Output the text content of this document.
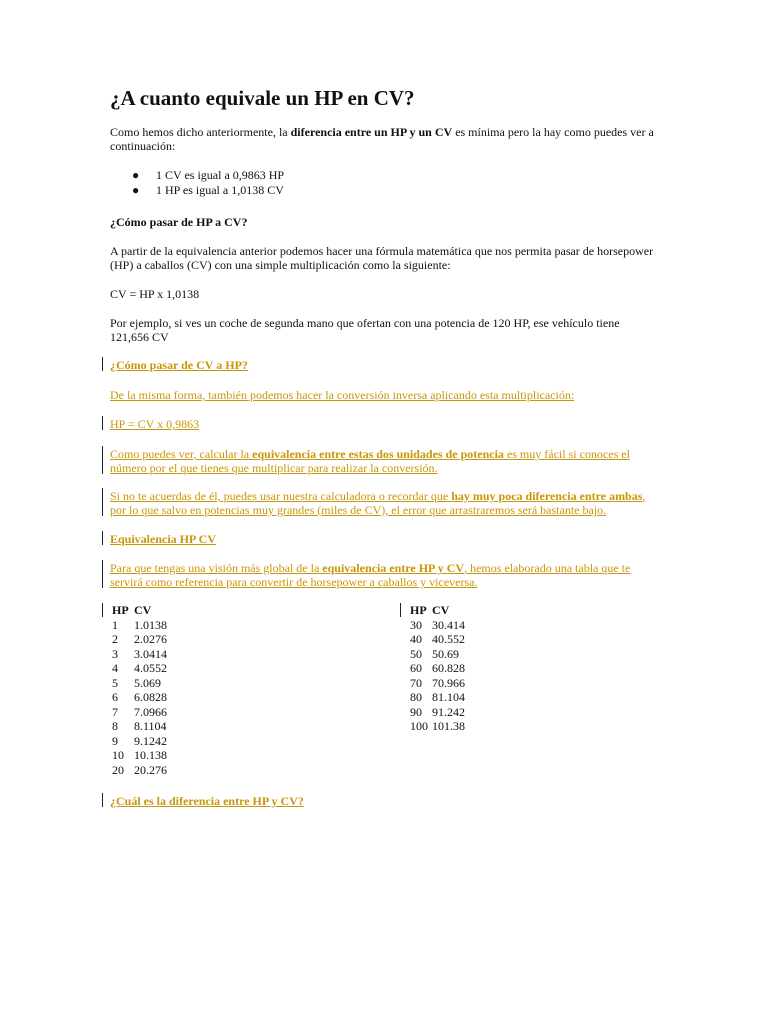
¿A cuanto equivale un HP en CV?

Como hemos dicho anteriormente, la diferencia entre un HP y un CV es mínima pero la hay como puedes ver a continuación:

● 1 CV es igual a 0,9863 HP
● 1 HP es igual a 1,0138 CV

¿Cómo pasar de HP a CV?

A partir de la equivalencia anterior podemos hacer una fórmula matemática que nos permita pasar de horsepower (HP) a caballos (CV) con una simple multiplicación como la siguiente:

CV = HP x 1,0138

Por ejemplo, si ves un coche de segunda mano que ofertan con una potencia de 120 HP, ese vehículo tiene 121,656 CV

¿Cómo pasar de CV a HP?

De la misma forma, también podemos hacer la conversión inversa aplicando esta multiplicación:

HP = CV x 0,9863

Como puedes ver, calcular la equivalencia entre estas dos unidades de potencia es muy fácil si conoces el número por el que tienes que multiplicar para realizar la conversión.

Si no te acuerdas de él, puedes usar nuestra calculadora o recordar que hay muy poca diferencia entre ambas, por lo que salvo en potencias muy grandes (miles de CV), el error que arrastraremos será bastante bajo.

Equivalencia HP CV

Para que tengas una visión más global de la equivalencia entre HP y CV, hemos elaborado una tabla que te servirá como referencia para convertir de horsepower a caballos y viceversa.

HP	CV
1	1.0138
2	2.0276
3	3.0414
4	4.0552
5	5.069
6	6.0828
7	7.0966
8	8.1104
9	9.1242
10	10.138
20	20.276
HP	CV
30	30.414
40	40.552
50	50.69
60	60.828
70	70.966
80	81.104
90	91.242
100	101.38

¿Cuál es la diferencia entre HP y CV?
